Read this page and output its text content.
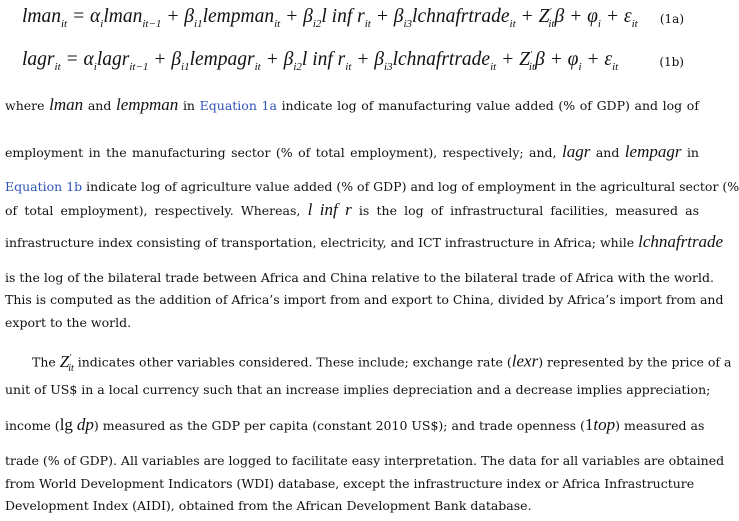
lman$_{it}$ = $\alpha_ilman_{it-1}$ + $\beta_{i1}lempman_{it} + \beta_{i2}l$ inf $r_{it}$ + $\beta_{i3}lchnafrtrade_{it} + Z'_{it}\beta + \varphi_i + \varepsilon_{it}$ (1a)
lagr$_{it}$ = $\alpha_ilagr_{it-1}$ + $\beta_{i1}lempagr_{it} + \beta_{i2}l$ inf $r_{it}$ + $\beta_{i3}lchnafrtrade_{it} + Z'_{it}\beta + \varphi_i + \varepsilon_{it}$	(1b)
where lman and lempman in Equation 1a indicate log of manufacturing value added (% of GDP) and log of
employment in the manufacturing sector (% of total employment), respectively; and, lagr and lempagr in
Equation 1b indicate log of agriculture value added (% of GDP) and log of employment in the agricultural sector (%
of total employment), respectively. Whereas, l inf r is the log of infrastructural facilities, measured as
infrastructure index consisting of transportation, electricity, and ICT infrastructure in Africa; while lchnafrtrade
is the log of the bilateral trade between Africa and China relative to the bilateral trade of Africa with the world.
This is computed as the addition of Africa’s import from and export to China, divided by Africa’s import from and
export to the world.
The $Z'_{it}$ indicates other variables considered. These include; exchange rate (lexr) represented by the price of a
unit of US$ in a local currency such that an increase implies depreciation and a decrease implies appreciation;
income (lg dp) measured as the GDP per capita (constant 2010 US$); and trade openness (1top) measured as
trade (% of GDP). All variables are logged to facilitate easy interpretation. The data for all variables are obtained
from World Development Indicators (WDI) database, except the infrastructure index or Africa Infrastructure
Development Index (AIDI), obtained from the African Development Bank database.
